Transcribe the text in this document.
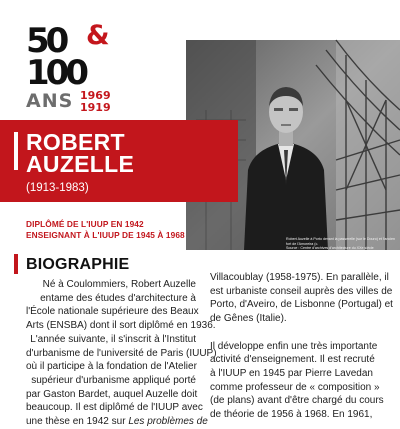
50 &
100
ANS 1969
1919
Robert Auzelle à Porto devant la passerelle (sur le Douro) et l'ancien fort de l'Amoreira (c.
Source : Centre d'archives d'architecture du XXe siècle
ROBERT
AUZELLE
(1913-1983)
DIPLÔMÉ DE L'IUUP EN 1942
ENSEIGNANT À L'IUUP DE 1945 À 1968
BIOGRAPHIE

Né à Coulommiers, Robert Auzelle

entame des études d'architecture à

l'École nationale supérieure des Beaux

Arts (ENSBA) dont il sort diplômé en 1936.

L'année suivante, il s'inscrit à l'Institut

d'urbanisme de l'université de Paris (IUUP)

où il participe à la fondation de l'Atelier

supérieur d'urbanisme appliqué porté

par Gaston Bardet, auquel Auzelle doit

beaucoup. Il est diplômé de l'IUUP avec

une thèse en 1942 sur Les problèmes de

Villacoublay (1958-1975). En parallèle, il

est urbaniste conseil auprès des villes de

Porto, d'Aveiro, de Lisbonne (Portugal) et

de Gênes (Italie).

Il développe enfin une très importante

activité d'enseignement. Il est recruté

à l'IUUP en 1945 par Pierre Lavedan

comme professeur de « composition »

(de plans) avant d'être chargé du cours

de théorie de 1956 à 1968. En 1961,
